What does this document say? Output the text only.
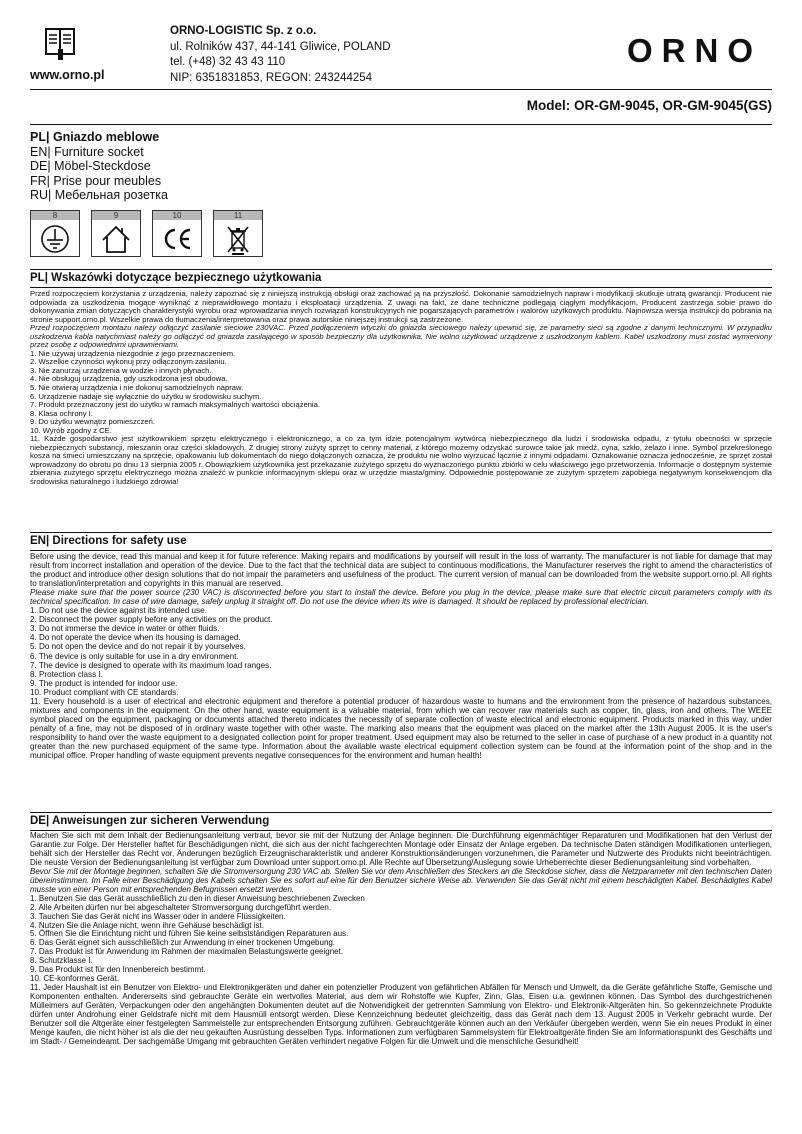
www.orno.pl
ORNO-LOGISTIC Sp. z o.o.
ul. Rolników 437, 44-141 Gliwice, POLAND
tel. (+48) 32 43 43 110
NIP: 6351831853, REGON: 243244254
ORNO
Model: OR-GM-9045, OR-GM-9045(GS)
PL| Gniazdo meblowe
EN| Furniture socket
DE| Möbel-Steckdose
FR| Prise pour meubles
RU| Мебельная розетка
8	9	10	11
PL| Wskazówki dotyczące bezpiecznego użytkowania

Przed rozpoczęciem korzystania z urządzenia, należy zapoznać się z niniejszą instrukcją obsługi oraz zachować ją na przyszłość. Dokonanie samodzielnych napraw i modyfikacji skutkuje utratą gwarancji. Producent nie odpowiada za uszkodzenia mogące wyniknąć z nieprawidłowego montażu i eksploatacji urządzenia. Z uwagi na fakt, że dane techniczne podlegają ciągłym modyfikacjom, Producent zastrzega sobie prawo do dokonywania zmian dotyczących charakterystyki wyrobu oraz wprowadzania innych rozwiązań konstrukcyjnych nie pogarszających parametrów i walorów użytkowych produktu. Najnowsza wersja instrukcji do pobrania na stronie support.orno.pl. Wszelkie prawa do tłumaczenia/interpretowania oraz prawa autorskie niniejszej instrukcji są zastrzeżone.

Przed rozpoczęciem montażu należy odłączyć zasilanie sieciowe 230VAC. Przed podłączeniem wtyczki do gniazda sieciowego należy upewnić się, że parametry sieci są zgodne z danymi technicznymi. W przypadku uszkodzenia kabla natychmiast należy go odłączyć od gniazda zasilającego w sposób bezpieczny dla użytkownika. Nie wolno użytkować urządzenie z uszkodzonym kablem. Kabel uszkodzony musi zostać wymieniony przez osobę z odpowiednimi uprawnieniami.

1. Nie używaj urządzenia niezgodnie z jego przeznaczeniem.
2. Wszelkie czynności wykonuj przy odłączonym zasilaniu.
3. Nie zanurzaj urządzenia w wodzie i innych płynach.
4. Nie obsługuj urządzenia, gdy uszkodzona jest obudowa.
5. Nie otwieraj urządzenia i nie dokonuj samodzielnych napraw.
6. Urządzenie nadaje się wyłącznie do użytku w środowisku suchym.
7. Produkt przeznaczony jest do użytku w ramach maksymalnych wartości obciążenia.
8. Klasa ochrony I.
9. Do użytku wewnątrz pomieszczeń.
10. Wyrób zgodny z CE.

11. Każde gospodarstwo jest użytkownikiem sprzętu elektrycznego i elektronicznego, a co za tym idzie potencjalnym wytwórcą niebezpiecznego dla ludzi i środowiska odpadu, z tytułu obecności w sprzęcie niebezpiecznych substancji, mieszanin oraz części składowych. Z drugiej strony zużyty sprzęt to cenny materiał, z którego możemy odzyskać surowce takie jak miedź, cyna, szkło, żelazo i inne. Symbol przekreślonego kosza na śmieci umieszczany na sprzęcie, opakowaniu lub dokumentach do niego dołączonych oznacza, że produktu nie wolno wyrzucać łącznie z innymi odpadami. Oznakowanie oznacza jednocześnie, że sprzęt został wprowadzony do obrotu po dniu 13 sierpnia 2005 r. Obowiązkiem użytkownika jest przekazanie zużytego sprzętu do wyznaczonego punktu zbiórki w celu właściwego jego przetworzenia. Informacje o dostępnym systemie zbierania zużytego sprzętu elektrycznego można znaleźć w punkcie informacyjnym sklepu oraz w urzędzie miasta/gminy. Odpowiednie postępowanie ze zużytym sprzętem zapobiega negatywnym konsekwencjom dla środowiska naturalnego i ludzkiego zdrowia!

EN| Directions for safety use

Before using the device, read this manual and keep it for future reference. Making repairs and modifications by yourself will result in the loss of warranty. The manufacturer is not liable for damage that may result from incorrect installation and operation of the device. Due to the fact that the technical data are subject to continuous modifications, the Manufacturer reserves the right to amend the characteristics of the product and introduce other design solutions that do not impair the parameters and usefulness of the product. The current version of manual can be downloaded from the website support.orno.pl. All rights to translation/interpretation and copyrights in this manual are reserved.

Please make sure that the power source (230 VAC) is disconnected before you start to install the device. Before you plug in the device, please make sure that electric circuit parameters comply with its technical specification. In case of wire damage, safely unplug it straight off. Do not use the device when its wire is damaged. It should be replaced by professional electrician.

1. Do not use the device against its intended use.
2. Disconnect the power supply before any activities on the product.
3. Do not immerse the device in water or other fluids.
4. Do not operate the device when its housing is damaged.
5. Do not open the device and do not repair it by yourselves.
6. The device is only suitable for use in a dry environment.
7. The device is designed to operate with its maximum load ranges.
8. Protection class I.
9. The product is intended for indoor use.
10. Product compliant with CE standards.

11. Every household is a user of electrical and electronic equipment and therefore a potential producer of hazardous waste to humans and the environment from the presence of hazardous substances, mixtures and components in the equipment. On the other hand, waste equipment is a valuable material, from which we can recover raw materials such as copper, tin, glass, iron and others. The WEEE symbol placed on the equipment, packaging or documents attached thereto indicates the necessity of separate collection of waste electrical and electronic equipment. Products marked in this way, under penalty of a fine, may not be disposed of in ordinary waste together with other waste. The marking also means that the equipment was placed on the market after the 13th August 2005. It is the user's responsibility to hand over the waste equipment to a designated collection point for proper treatment. Used equipment may also be returned to the seller in case of purchase of a new product in a quantity not greater than the new purchased equipment of the same type. Information about the available waste electrical equipment collection system can be found at the information point of the shop and in the municipal office. Proper handling of waste equipment prevents negative consequences for the environment and human health!

DE| Anweisungen zur sicheren Verwendung

Machen Sie sich mit dem Inhalt der Bedienungsanleitung vertraut, bevor sie mit der Nutzung der Anlage beginnen. Die Durchführung eigenmächtiger Reparaturen und Modifikationen hat den Verlust der Garantie zur Folge. Der Hersteller haftet für Beschädigungen nicht, die sich aus der nicht fachgerechten Montage oder Einsatz der Anlage ergeben. Da technische Daten ständigen Modifikationen unterliegen, behält sich der Hersteller das Recht vor, Änderungen bezüglich Erzeugnischarakteristik und anderer Konstruktionsänderungen vorzunehmen, die Parameter und Nutzwerte des Produkts nicht beeinträchtigen. Die neuste Version der Bedienungsanleitung ist verfügbar zum Download unter support.orno.pl. Alle Rechte auf Übersetzung/Auslegung sowie Urheberrechte dieser Bedienungsanleitung sind vorbehalten.

Bevor Sie mit der Montage beginnen, schalten Sie die Stromversorgung 230 VAC ab. Stellen Sie vor dem Anschließen des Steckers an die Steckdose sicher, dass die Netzparameter mit den technischen Daten übereinstimmen. Im Falle einer Beschädigung des Kabels schalten Sie es sofort auf eine für den Benutzer sichere Weise ab. Verwenden Sie das Gerät nicht mit einem beschädigten Kabel. Beschädigtes Kabel musste von einer Person mit entsprechenden Befugnissen ersetzt werden.

1. Benutzen Sie das Gerät ausschließlich zu den in dieser Anweisung beschriebenen Zwecken
2. Alle Arbeiten dürfen nur bei abgeschalteter Stromversorgung durchgeführt werden.
3. Tauchen Sie das Gerät nicht ins Wasser oder in andere Flüssigkeiten.
4. Nutzen Sie die Anlage nicht, wenn ihre Gehäuse beschädigt ist.
5. Öffnen Sie die Einrichtung nicht und führen Sie keine selbstständigen Reparaturen aus.
6. Das Gerät eignet sich ausschließlich zur Anwendung in einer trockenen Umgebung.
7. Das Produkt ist für Anwendung im Rahmen der maximalen Belastungswerte geeignet.
8. Schutzklasse I.
9. Das Produkt ist für den Innenbereich bestimmt.
10. CE-konformes Gerät.

11. Jeder Haushalt ist ein Benutzer von Elektro- und Elektronikgeräten und daher ein potenzieller Produzent von gefährlichen Abfällen für Mensch und Umwelt, da die Geräte gefährliche Stoffe, Gemische und Komponenten enthalten. Andererseits sind gebrauchte Geräte ein wertvolles Material, aus dem wir Rohstoffe wie Kupfer, Zinn, Glas, Eisen u.a. gewinnen können. Das Symbol des durchgestrichenen Mülleimers auf Geräten, Verpackungen oder den angehängten Dokumenten deutet auf die Notwendigkeit der getrennten Sammlung von Elektro- und Elektronik-Altgeräten hin. So gekennzeichnete Produkte dürfen unter Androhung einer Geldstrafe nicht mit dem Hausmüll entsorgt werden. Diese Kennzeichnung bedeutet gleichzeitig, dass das Gerät nach dem 13. August 2005 in Verkehr gebracht wurde. Der Benutzer soll die Altgeräte einer festgelegten Sammelstelle zur entsprechenden Entsorgung zuführen. Gebrauchtgeräte können auch an den Verkäufer übergeben werden, wenn Sie ein neues Produkt in einer Menge kaufen, die nicht höher ist als die der neu gekauften Ausrüstung desselben Typs. Informationen zum verfügbaren Sammelsystem für Elektroaltgeräte finden Sie am Informationspunkt des Geschäfts und im Stadt- / Gemeindeamt. Der sachgemäße Umgang mit gebrauchten Geräten verhindert negative Folgen für die Umwelt und die menschliche Gesundheit!
